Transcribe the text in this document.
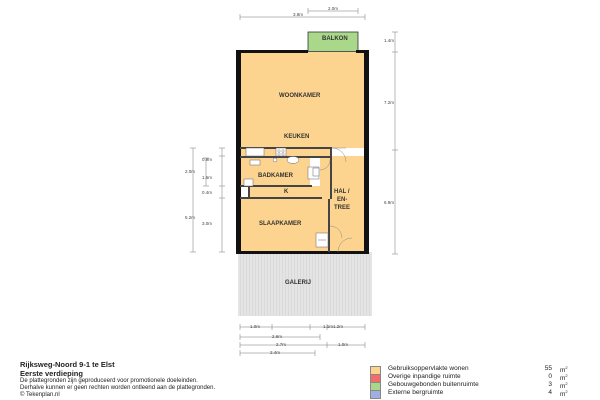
BALKON
WOONKAMER
KEUKEN
BADKAMER
K	HAL /
EN-
TREE
SLAAPKAMER
GALERIJ
2.0m
3.8m
1.4m
7.2m
6.9m
0.9m
2.0m
1.6m
0.4m
5.2m
3.0m
1.0m	1.1m 1.2m
2.6m
2.7m	1.0m
2.4m
Rijksweg-Noord 9-1 te Elst
Eerste verdieping
De plattegronden zijn geproduceerd voor promotionele doeleinden.
Derhalve kunnen er geen rechten worden ontleend aan de plattegronden.
© Tekenplan.nl
Gebruiksoppervlakte wonen	55 $m^2$
Overige inpandige ruimte	0 $m^2$
Gebouwgebonden buitenruimte	3 $m^2$
Externe bergruimte	4 $m^2$
